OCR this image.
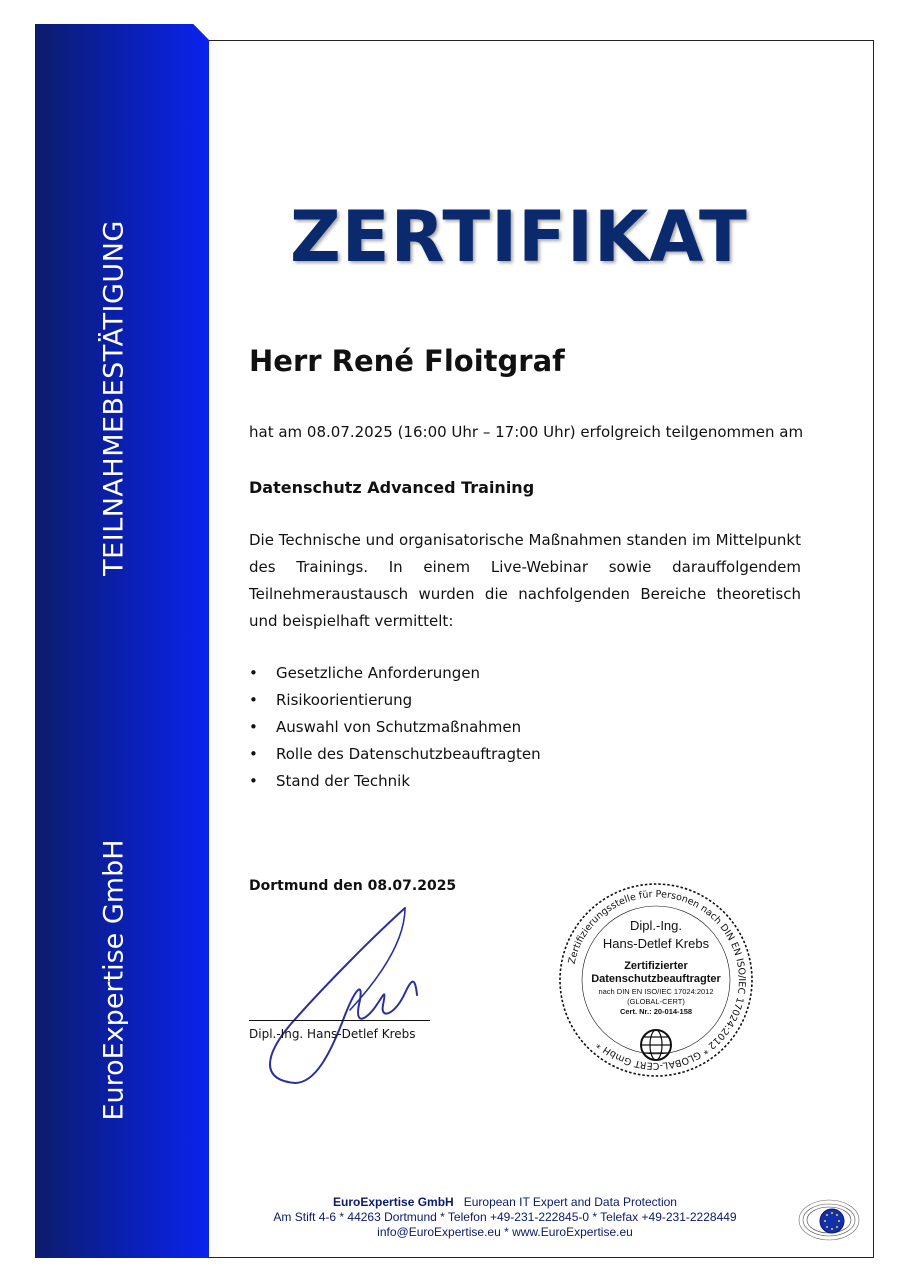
TEILNAHMEBESTÄTIGUNG
EuroExpertise GmbH
ZERTIFIKAT
Herr René Floitgraf
hat am 08.07.2025 (16:00 Uhr – 17:00 Uhr) erfolgreich teilgenommen am
Datenschutz Advanced Training
Die Technische und organisatorische Maßnahmen standen im Mittelpunkt des Trainings. In einem Live-Webinar sowie darauffolgendem Teilnehmeraustausch wurden die nachfolgenden Bereiche theoretisch und beispielhaft vermittelt:
• Gesetzliche Anforderungen
• Risikoorientierung
• Auswahl von Schutzmaßnahmen
• Rolle des Datenschutzbeauftragten
• Stand der Technik
Dortmund den 08.07.2025
Dipl.-Ing. Hans-Detlef Krebs
Zertifizierungsstelle für Personen nach DIN EN ISO/IEC 17024:2012 * GLOBAL-CERT GmbH *
Dipl.-Ing.
Hans-Detlef Krebs
Zertifizierter
Datenschutzbeauftragter
nach DIN EN ISO/IEC 17024:2012
(GLOBAL-CERT)
Cert. Nr.: 20-014-158
EuroExpertise GmbH European IT Expert and Data Protection
Am Stift 4-6 * 44263 Dortmund * Telefon +49-231-222845-0 * Telefax +49-231-2228449
info@EuroExpertise.eu * www.EuroExpertise.eu
